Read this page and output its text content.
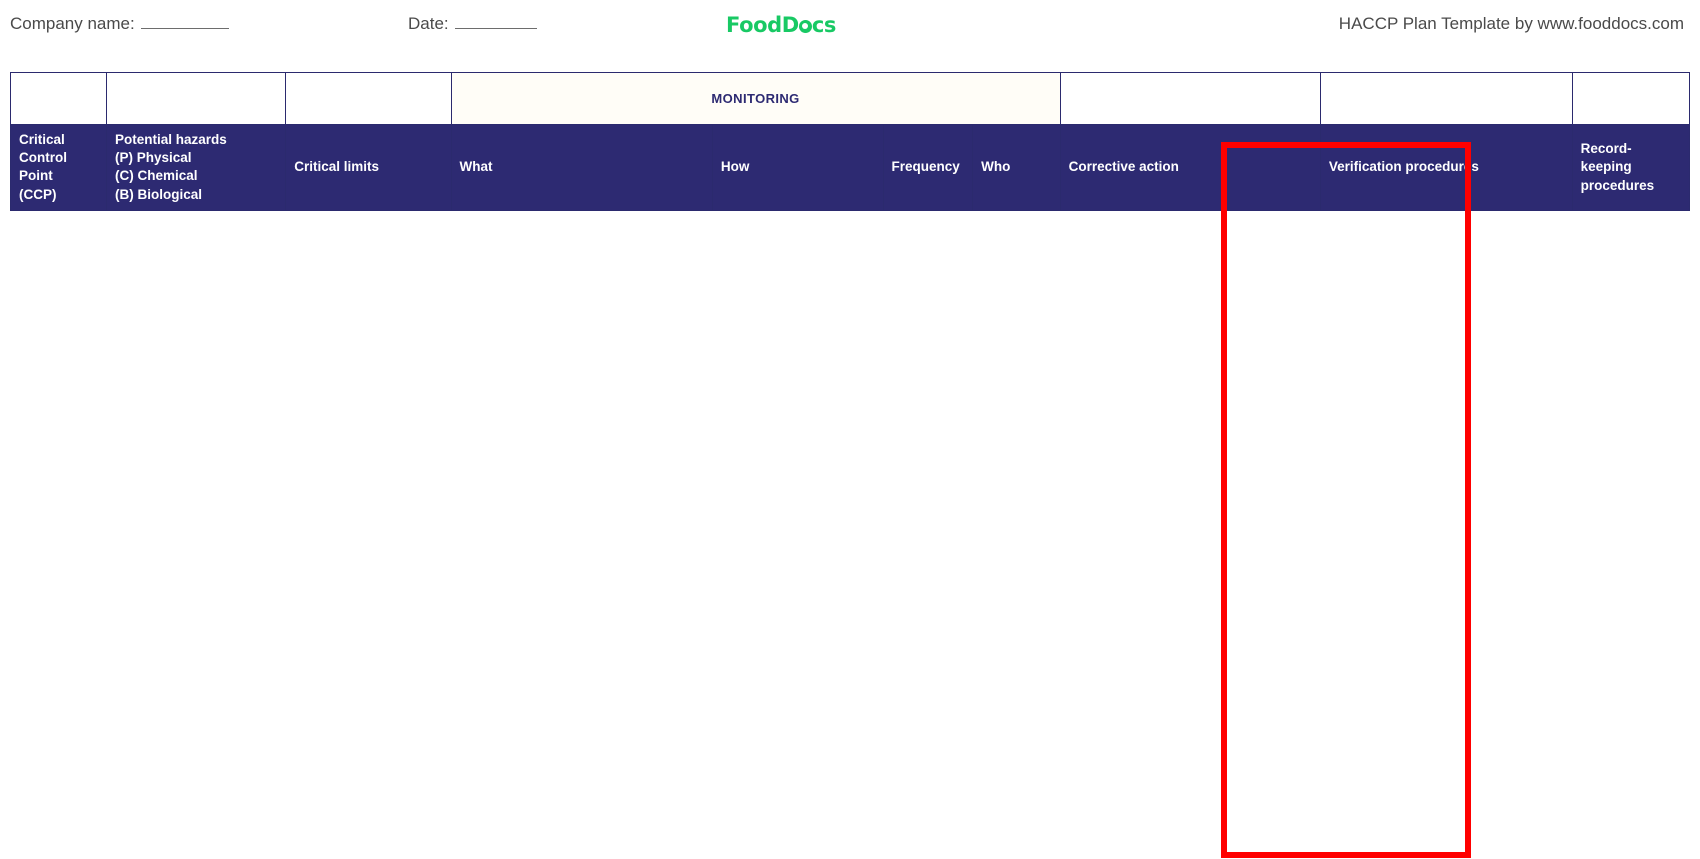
Company name:	Date:	Food D cs	HACCP Plan Template by www.fooddocs.com
			MONITORING						
Critical
Control
Point
(CCP)	Potential hazards
(P) Physical
(C) Chemical
(B) Biological	Critical limits	What	How	Frequency	Who	Corrective action	Verification procedures	Record-
keeping
procedures
